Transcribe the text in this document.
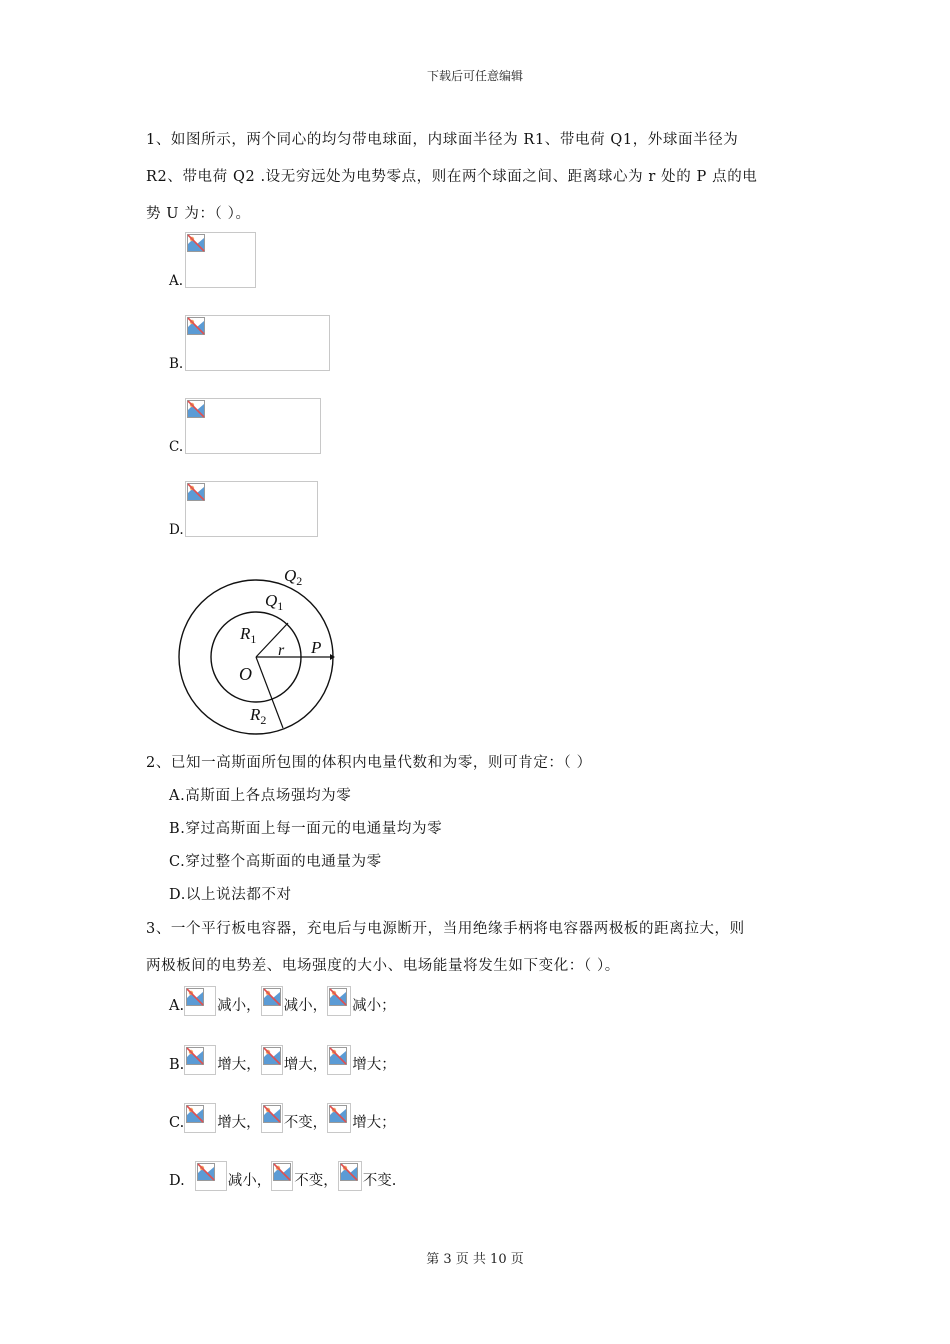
下载后可任意编辑
1、如图所示，两个同心的均匀带电球面，内球面半径为 R1、带电荷 Q1，外球面半径为
R2、带电荷 Q2 .设无穷远处为电势零点，则在两个球面之间、距离球心为 r 处的 P 点的电
势 U 为：（ ）。
A.
B.
C.
D.
$Q_2$
$Q_1$
$R_1$
r P
O
$R_2$
2、已知一高斯面所包围的体积内电量代数和为零，则可肯定：（ ）
A.高斯面上各点场强均为零
B.穿过高斯面上每一面元的电通量均为零
C.穿过整个高斯面的电通量为零
D.以上说法都不对
3、一个平行板电容器，充电后与电源断开，当用绝缘手柄将电容器两极板的距离拉大，则
两极板间的电势差、电场强度的大小、电场能量将发生如下变化：（ ）。
A. 减小， 减小， 减小；
B. 增大， 增大， 增大；
C. 增大， 不变， 增大；
D.	减小， 不变， 不变.
第 3 页 共 10 页
